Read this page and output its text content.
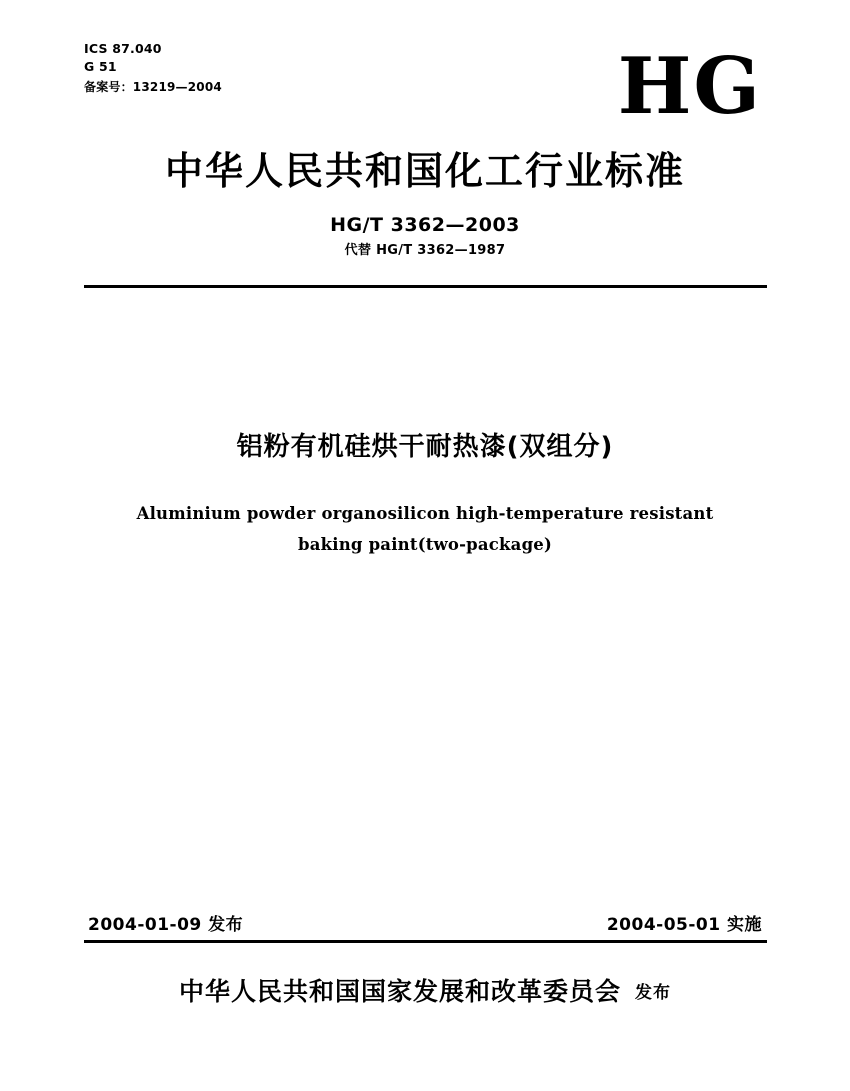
ICS 87.040
G 51
备案号：13219—2004	HG
中华人民共和国化工行业标准
HG/T 3362—2003
代替 HG/T 3362—1987
铝粉有机硅烘干耐热漆(双组分)
Aluminium powder organosilicon high-temperature resistant
baking paint(two-package)
2004-01-09 发布	2004-05-01 实施
中华人民共和国国家发展和改革委员会 发布
